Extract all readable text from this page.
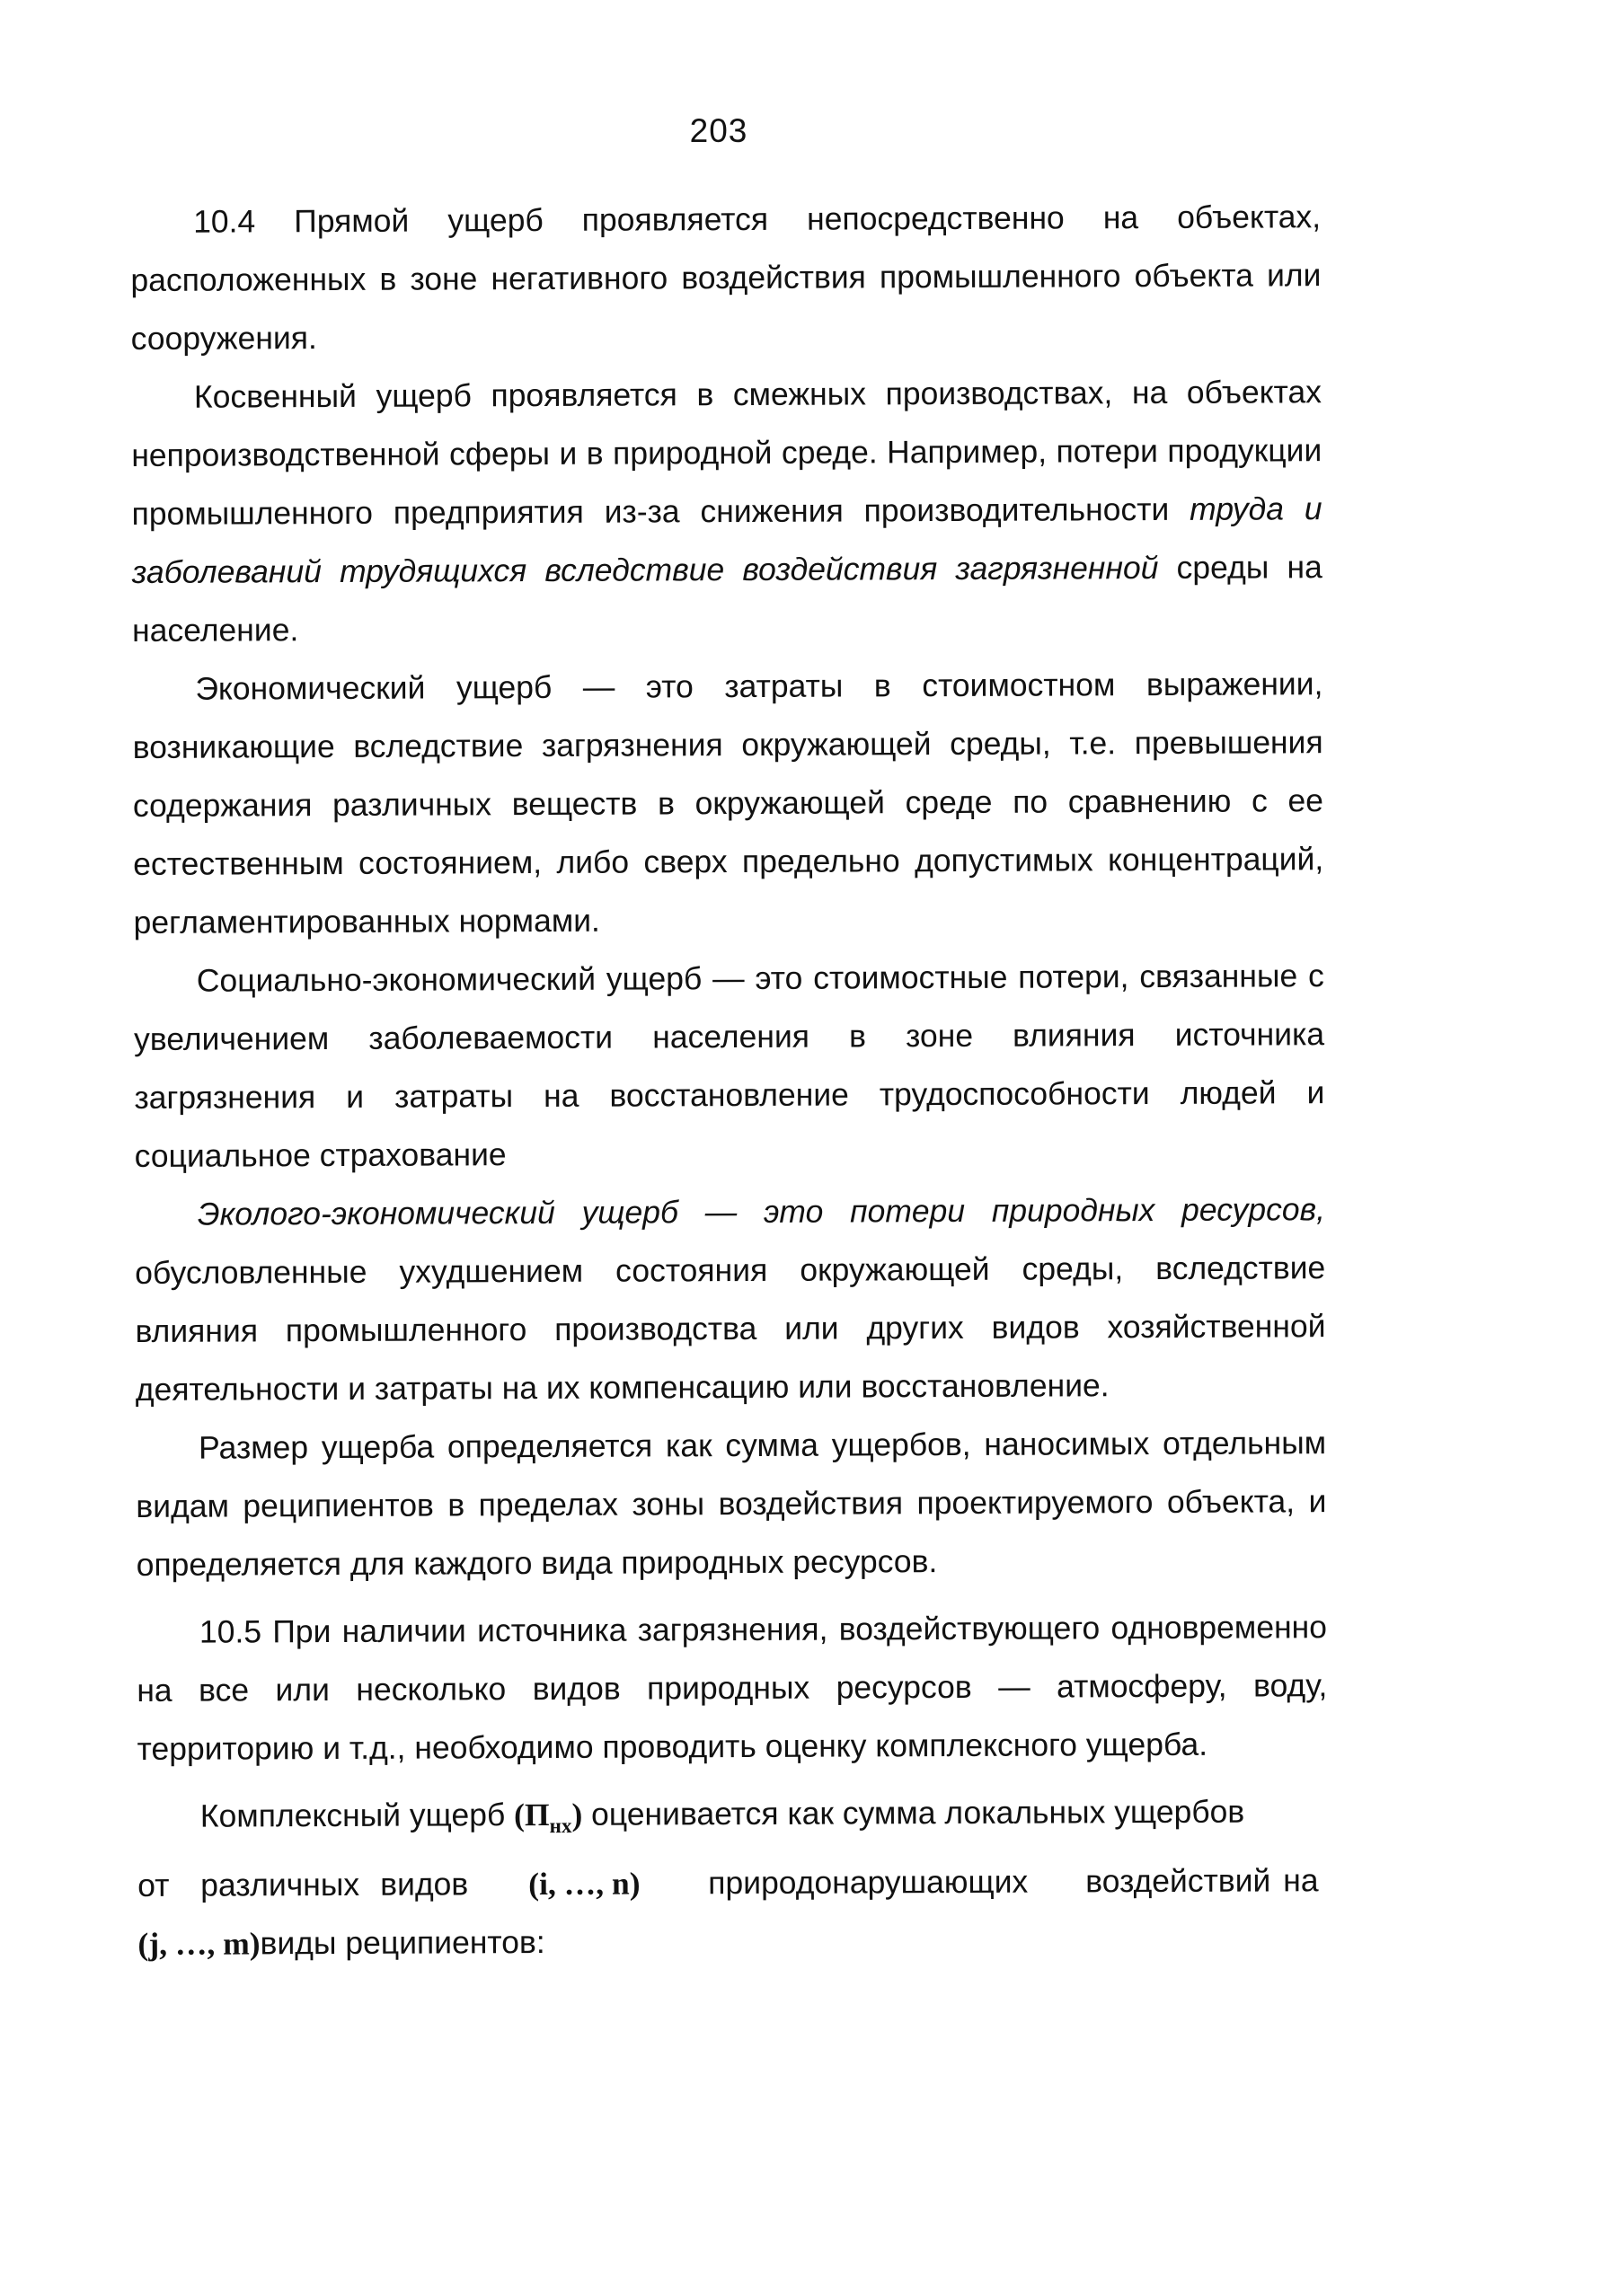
203

10.4 Прямой ущерб проявляется непосредственно на объектах, расположенных в зоне негативного воздействия промышленного объекта или сооружения.

Косвенный ущерб проявляется в смежных производствах, на объектах непроизводственной сферы и в природной среде. Например, потери продукции промышленного предприятия из-за снижения производительности труда и заболеваний трудящихся вследствие воздействия загрязненной среды на население.

Экономический ущерб — это затраты в стоимостном выражении, возникающие вследствие загрязнения окружающей среды, т.е. превышения содержания различных веществ в окружающей среде по сравнению с ее естественным состоянием, либо сверх предельно допустимых концентраций, регламентированных нормами.

Социально-экономический ущерб — это стоимостные потери, связанные с увеличением заболеваемости населения в зоне влияния источника загрязнения и затраты на восстановление трудоспособности людей и социальное страхование

Эколого-экономический ущерб — это потери природных ресурсов, обусловленные ухудшением состояния окружающей среды, вследствие влияния промышленного производства или других видов хозяйственной деятельности и затраты на их компенсацию или восстановление.

Размер ущерба определяется как сумма ущербов, наносимых отдельным видам реципиентов в пределах зоны воздействия проектируемого объекта, и определяется для каждого вида природных ресурсов.

10.5 При наличии источника загрязнения, воздействующего одновременно на все или несколько видов природных ресурсов — атмосферу, воду, территорию и т.д., необходимо проводить оценку комплексного ущерба.

Комплексный ущерб $(П_{нх})$ оценивается как сумма локальных ущербов

от различных видов (i, …, n) природонарушающих воздействий на

(j, …, m)виды реципиентов:
